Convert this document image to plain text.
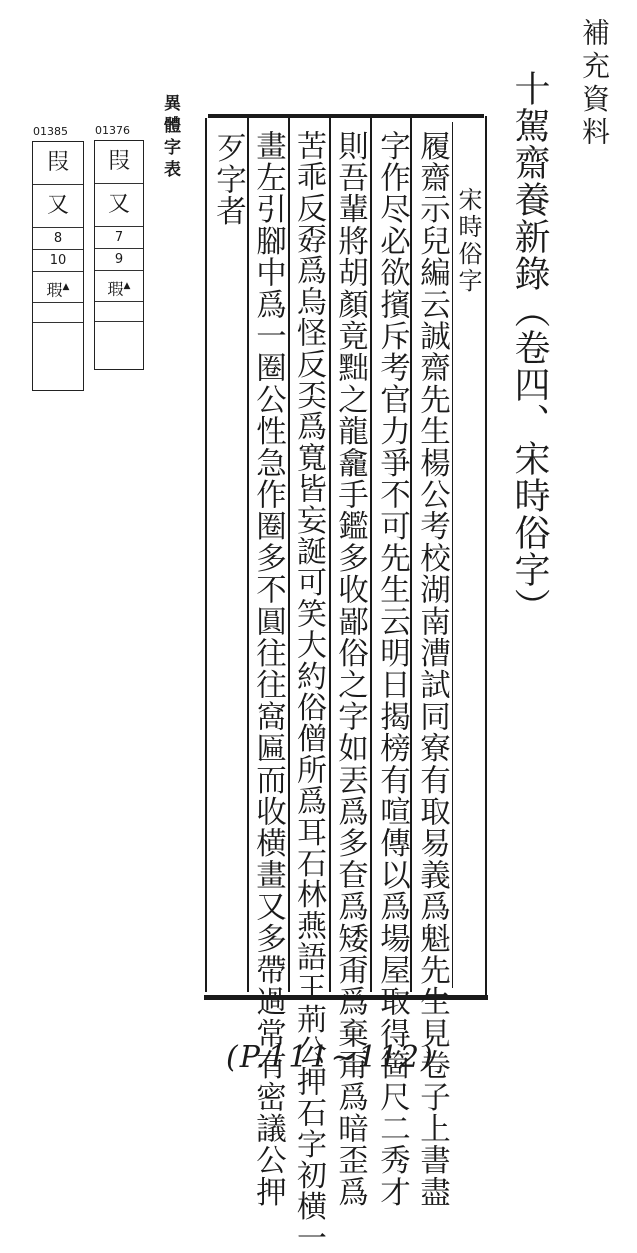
補充資料
十駕齋養新錄（卷四、宋時俗字）
異體字表
01385
叚
又
8
10
瑕▲
01376
叚
又
7
9
瑕▲	宋時俗字
履齋示兒編云誠齋先生楊公考校湖南漕試同寮有取易義爲魁先生見卷子上書盡
字作尽必欲擯斥考官力爭不可先生云明日揭榜有喧傳以爲場屋取得箇尺二秀才
則吾輩將胡顏竟黜之龍龕手鑑多收鄙俗之字如丟爲多奆爲矮甭爲棄甭爲暗歪爲
苦乖反孬爲烏怪反奀爲寬皆妄誕可笑大約俗僧所爲耳石林燕語王荊公押石字初横一
畫左引腳中爲一圈公性急作圈多不圓往往窩匾而收横畫又多帶過常有密議公押
歹字者
(P.111~112)
